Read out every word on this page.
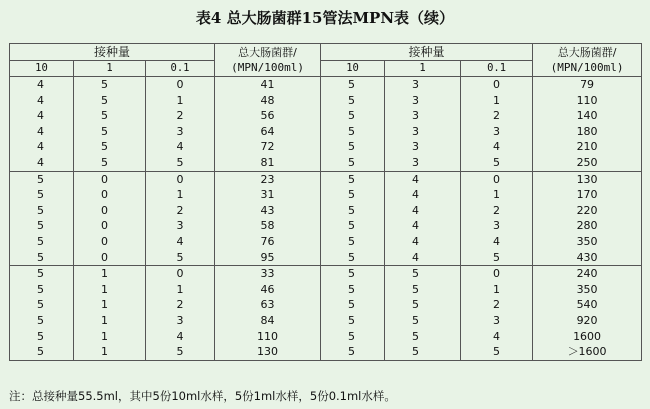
表4 总大肠菌群15管法MPN表（续）
接种量			总大肠菌群/
(MPN/100ml)	接种量			总大肠菌群/
(MPN/100ml)
10	1	0.1		10	1	0.1	
4	5	0	41	5	3	0	79
4	5	1	48	5	3	1	110
4	5	2	56	5	3	2	140
4	5	3	64	5	3	3	180
4	5	4	72	5	3	4	210
4	5	5	81	5	3	5	250
5	0	0	23	5	4	0	130
5	0	1	31	5	4	1	170
5	0	2	43	5	4	2	220
5	0	3	58	5	4	3	280
5	0	4	76	5	4	4	350
5	0	5	95	5	4	5	430
5	1	0	33	5	5	0	240
5	1	1	46	5	5	1	350
5	1	2	63	5	5	2	540
5	1	3	84	5	5	3	920
5	1	4	110	5	5	4	1600
5	1	5	130	5	5	5	＞1600
注：总接种量55.5ml，其中5份10ml水样，5份1ml水样，5份0.1ml水样。
